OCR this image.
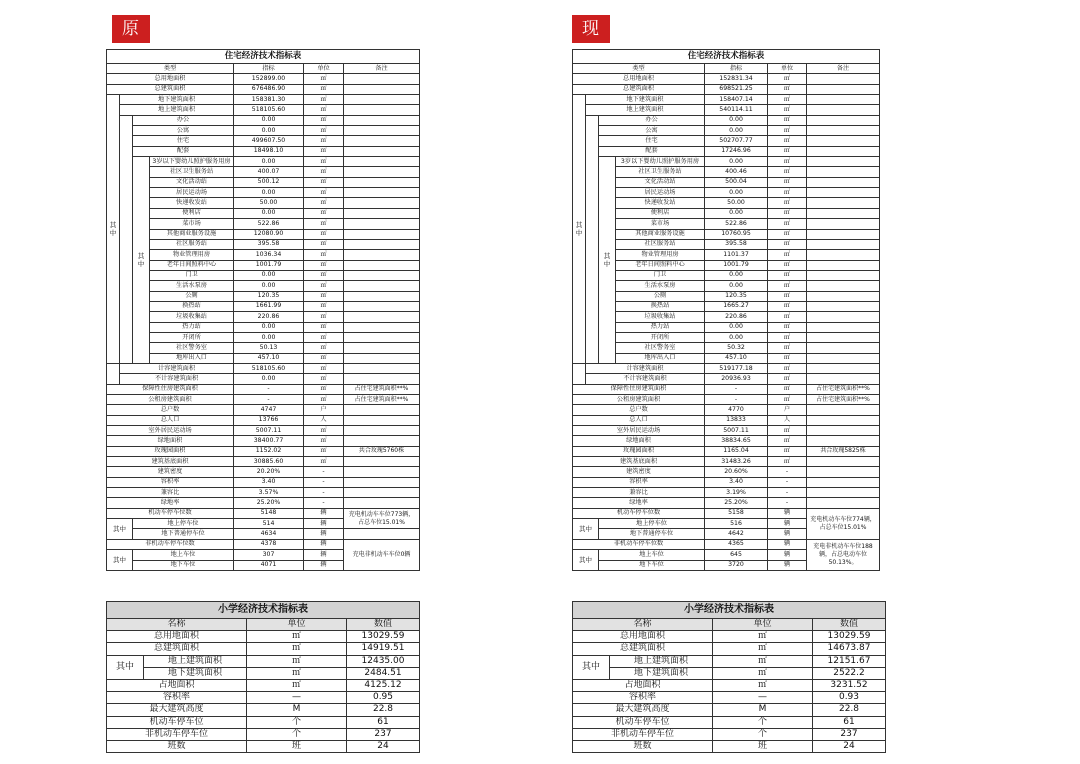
原报规方案
住宅经济技术指标表						
类型				指标	单位	备注
总用地面积				152899.00	㎡	
总建筑面积				676486.90	㎡	
其中	地下建筑面积			158381.30	㎡	
	地上建筑面积			518105.60	㎡	
		办公		0.00	㎡	
		公寓		0.00	㎡	
		住宅		499607.50	㎡	
		配套		18498.10	㎡	
		其中	3岁以下婴幼儿照护服务用房	0.00	㎡	
			社区卫生服务站	400.07	㎡	
			文化活动站	500.12	㎡	
			居民运动场	0.00	㎡	
			快递收发站	50.00	㎡	
			便利店	0.00	㎡	
			菜市场	522.86	㎡	
			其他商业服务设施	12080.90	㎡	
			社区服务站	395.58	㎡	
			物业管理用房	1036.34	㎡	
			老年日间照料中心	1001.79	㎡	
			门卫	0.00	㎡	
			生活水泵房	0.00	㎡	
			公厕	120.35	㎡	
			换热站	1661.99	㎡	
			垃圾收集站	220.86	㎡	
			热力站	0.00	㎡	
			开闭所	0.00	㎡	
			社区警务室	50.13	㎡	
			地库出入口	457.10	㎡	
	计容建筑面积			518105.60	㎡	
	不计容建筑面积			0.00	㎡	
保障性住房建筑面积				-	㎡	占住宅建筑面积**%
公租房建筑面积				-	㎡	占住宅建筑面积**%
总户数				4747	户	
总人口				13766	人	
室外居民运动场				5007.11	㎡	
绿地面积				38400.77	㎡	
玫瑰园面积				1152.02	㎡	共合玫瑰5760株
建筑基底面积				30885.60	㎡	
建筑密度				20.20%	-	
容积率				3.40	-	
兼容比				3.57%	-	
绿地率				25.20%	-	
机动车停车位数				5148	辆	充电机动车车位773辆，占总车位15.01%
其中		地上停车位		514	辆	
		地下普通停车位		4634	辆	
非机动车停车位数				4378	辆	充电非机动车车位0辆
其中		地上车位		307	辆	
		地下车位		4071	辆	
小学经济技术指标表			
名称		单位	数值
总用地面积		㎡	13029.59
总建筑面积		㎡	14919.51
其中	地上建筑面积	㎡	12435.00
	地下建筑面积	㎡	2484.51
占地面积		㎡	4125.12
容积率		—	0.95
最大建筑高度		M	22.8
机动车停车位		个	61
非机动车停车位		个	237
班数		班	24
现报规方案
住宅经济技术指标表						
类型				指标	单位	备注
总用地面积				152831.34	㎡	
总建筑面积				698521.25	㎡	
其中	地下建筑面积			158407.14	㎡	
	地上建筑面积			540114.11	㎡	
		办公		0.00	㎡	
		公寓		0.00	㎡	
		住宅		502707.77	㎡	
		配套		17246.96	㎡	
		其中	3岁以下婴幼儿照护服务用房	0.00	㎡	
			社区卫生服务站	400.46	㎡	
			文化活动站	500.04	㎡	
			居民运动场	0.00	㎡	
			快递收发站	50.00	㎡	
			便利店	0.00	㎡	
			菜市场	522.86	㎡	
			其他商业服务设施	10760.95	㎡	
			社区服务站	395.58	㎡	
			物业管理用房	1101.37	㎡	
			老年日间照料中心	1001.79	㎡	
			门卫	0.00	㎡	
			生活水泵房	0.00	㎡	
			公厕	120.35	㎡	
			换热站	1665.27	㎡	
			垃圾收集站	220.86	㎡	
			热力站	0.00	㎡	
			开闭所	0.00	㎡	
			社区警务室	50.32	㎡	
			地库出入口	457.10	㎡	
	计容建筑面积			519177.18	㎡	
	不计容建筑面积			20936.93	㎡	
保障性住房建筑面积				-	㎡	占住宅建筑面积**%
公租房建筑面积				-	㎡	占住宅建筑面积**%
总户数				4770	户	
总人口				13833	人	
室外居民运动场				5007.11	㎡	
绿地面积				38834.65	㎡	
玫瑰园面积				1165.04	㎡	共合玫瑰5825株
建筑基底面积				31483.26	㎡	
建筑密度				20.60%	-	
容积率				3.40	-	
兼容比				3.19%	-	
绿地率				25.20%	-	
机动车停车位数				5158	辆	充电机动车车位774辆，占总车位15.01%
其中		地上停车位		516	辆	
		地下普通停车位		4642	辆	
非机动车停车位数				4365	辆	充电非机动车车位188辆，占总电动车位50.13%。
其中		地上车位		645	辆	
		地下车位		3720	辆	
小学经济技术指标表			
名称		单位	数值
总用地面积		㎡	13029.59
总建筑面积		㎡	14673.87
其中	地上建筑面积	㎡	12151.67
	地下建筑面积	㎡	2522.2
占地面积		㎡	3231.52
容积率		—	0.93
最大建筑高度		M	22.8
机动车停车位		个	61
非机动车停车位		个	237
班数		班	24
